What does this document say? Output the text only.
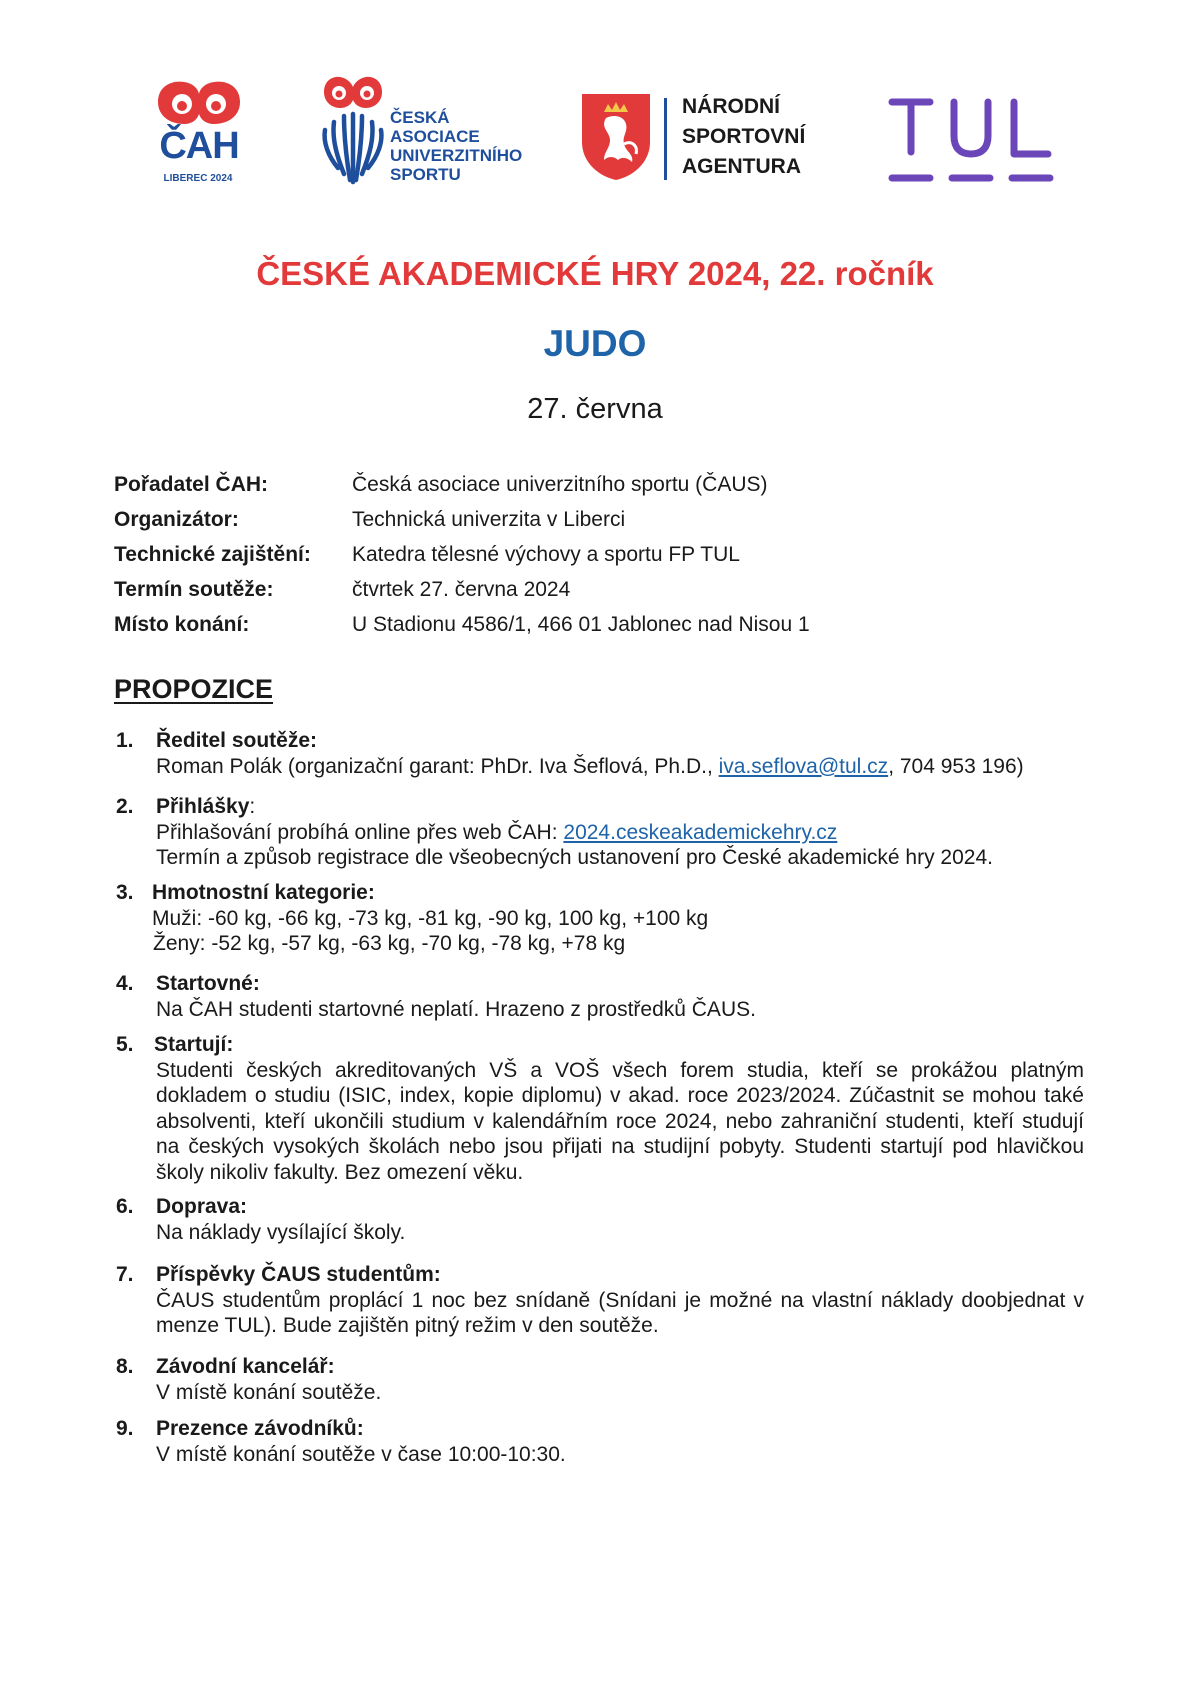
ČAH
LIBEREC 2024
ČESKÁ
ASOCIACE
UNIVERZITNÍHO
SPORTU
NÁRODNÍ
SPORTOVNÍ
AGENTURA
ČESKÉ AKADEMICKÉ HRY 2024, 22. ročník
JUDO
27. června
Pořadatel ČAH:	Česká asociace univerzitního sportu (ČAUS)
Organizátor:	Technická univerzita v Liberci
Technické zajištění:	Katedra tělesné výchovy a sportu FP TUL
Termín soutěže:	čtvrtek 27. června 2024
Místo konání:	U Stadionu 4586/1, 466 01 Jablonec nad Nisou 1
PROPOZICE
1. Ředitel soutěže:
Roman Polák (organizační garant: PhDr. Iva Šeflová, Ph.D., iva.seflova@tul.cz, 704 953 196)
2. Přihlášky:

Přihlašování probíhá online přes web ČAH: 2024.ceskeakademickehry.cz

Termín a způsob registrace dle všeobecných ustanovení pro České akademické hry 2024.

3. Hmotnostní kategorie:

Muži: -60 kg, -66 kg, -73 kg, -81 kg, -90 kg, 100 kg, +100 kg

Ženy: -52 kg, -57 kg, -63 kg, -70 kg, -78 kg, +78 kg

4. Startovné:

Na ČAH studenti startovné neplatí. Hrazeno z prostředků ČAUS.

5. Startují:

Studenti českých akreditovaných VŠ a VOŠ všech forem studia, kteří se prokážou platným dokladem o studiu (ISIC, index, kopie diplomu) v akad. roce 2023/2024. Zúčastnit se mohou také absolventi, kteří ukončili studium v kalendářním roce 2024, nebo zahraniční studenti, kteří studují na českých vysokých školách nebo jsou přijati na studijní pobyty. Studenti startují pod hlavičkou školy nikoliv fakulty. Bez omezení věku.

6. Doprava:

Na náklady vysílající školy.

7. Příspěvky ČAUS studentům:

ČAUS studentům proplácí 1 noc bez snídaně (Snídani je možné na vlastní náklady doobjednat v menze TUL). Bude zajištěn pitný režim v den soutěže.

8. Závodní kancelář:

V místě konání soutěže.

9. Prezence závodníků:

V místě konání soutěže v čase 10:00-10:30.
